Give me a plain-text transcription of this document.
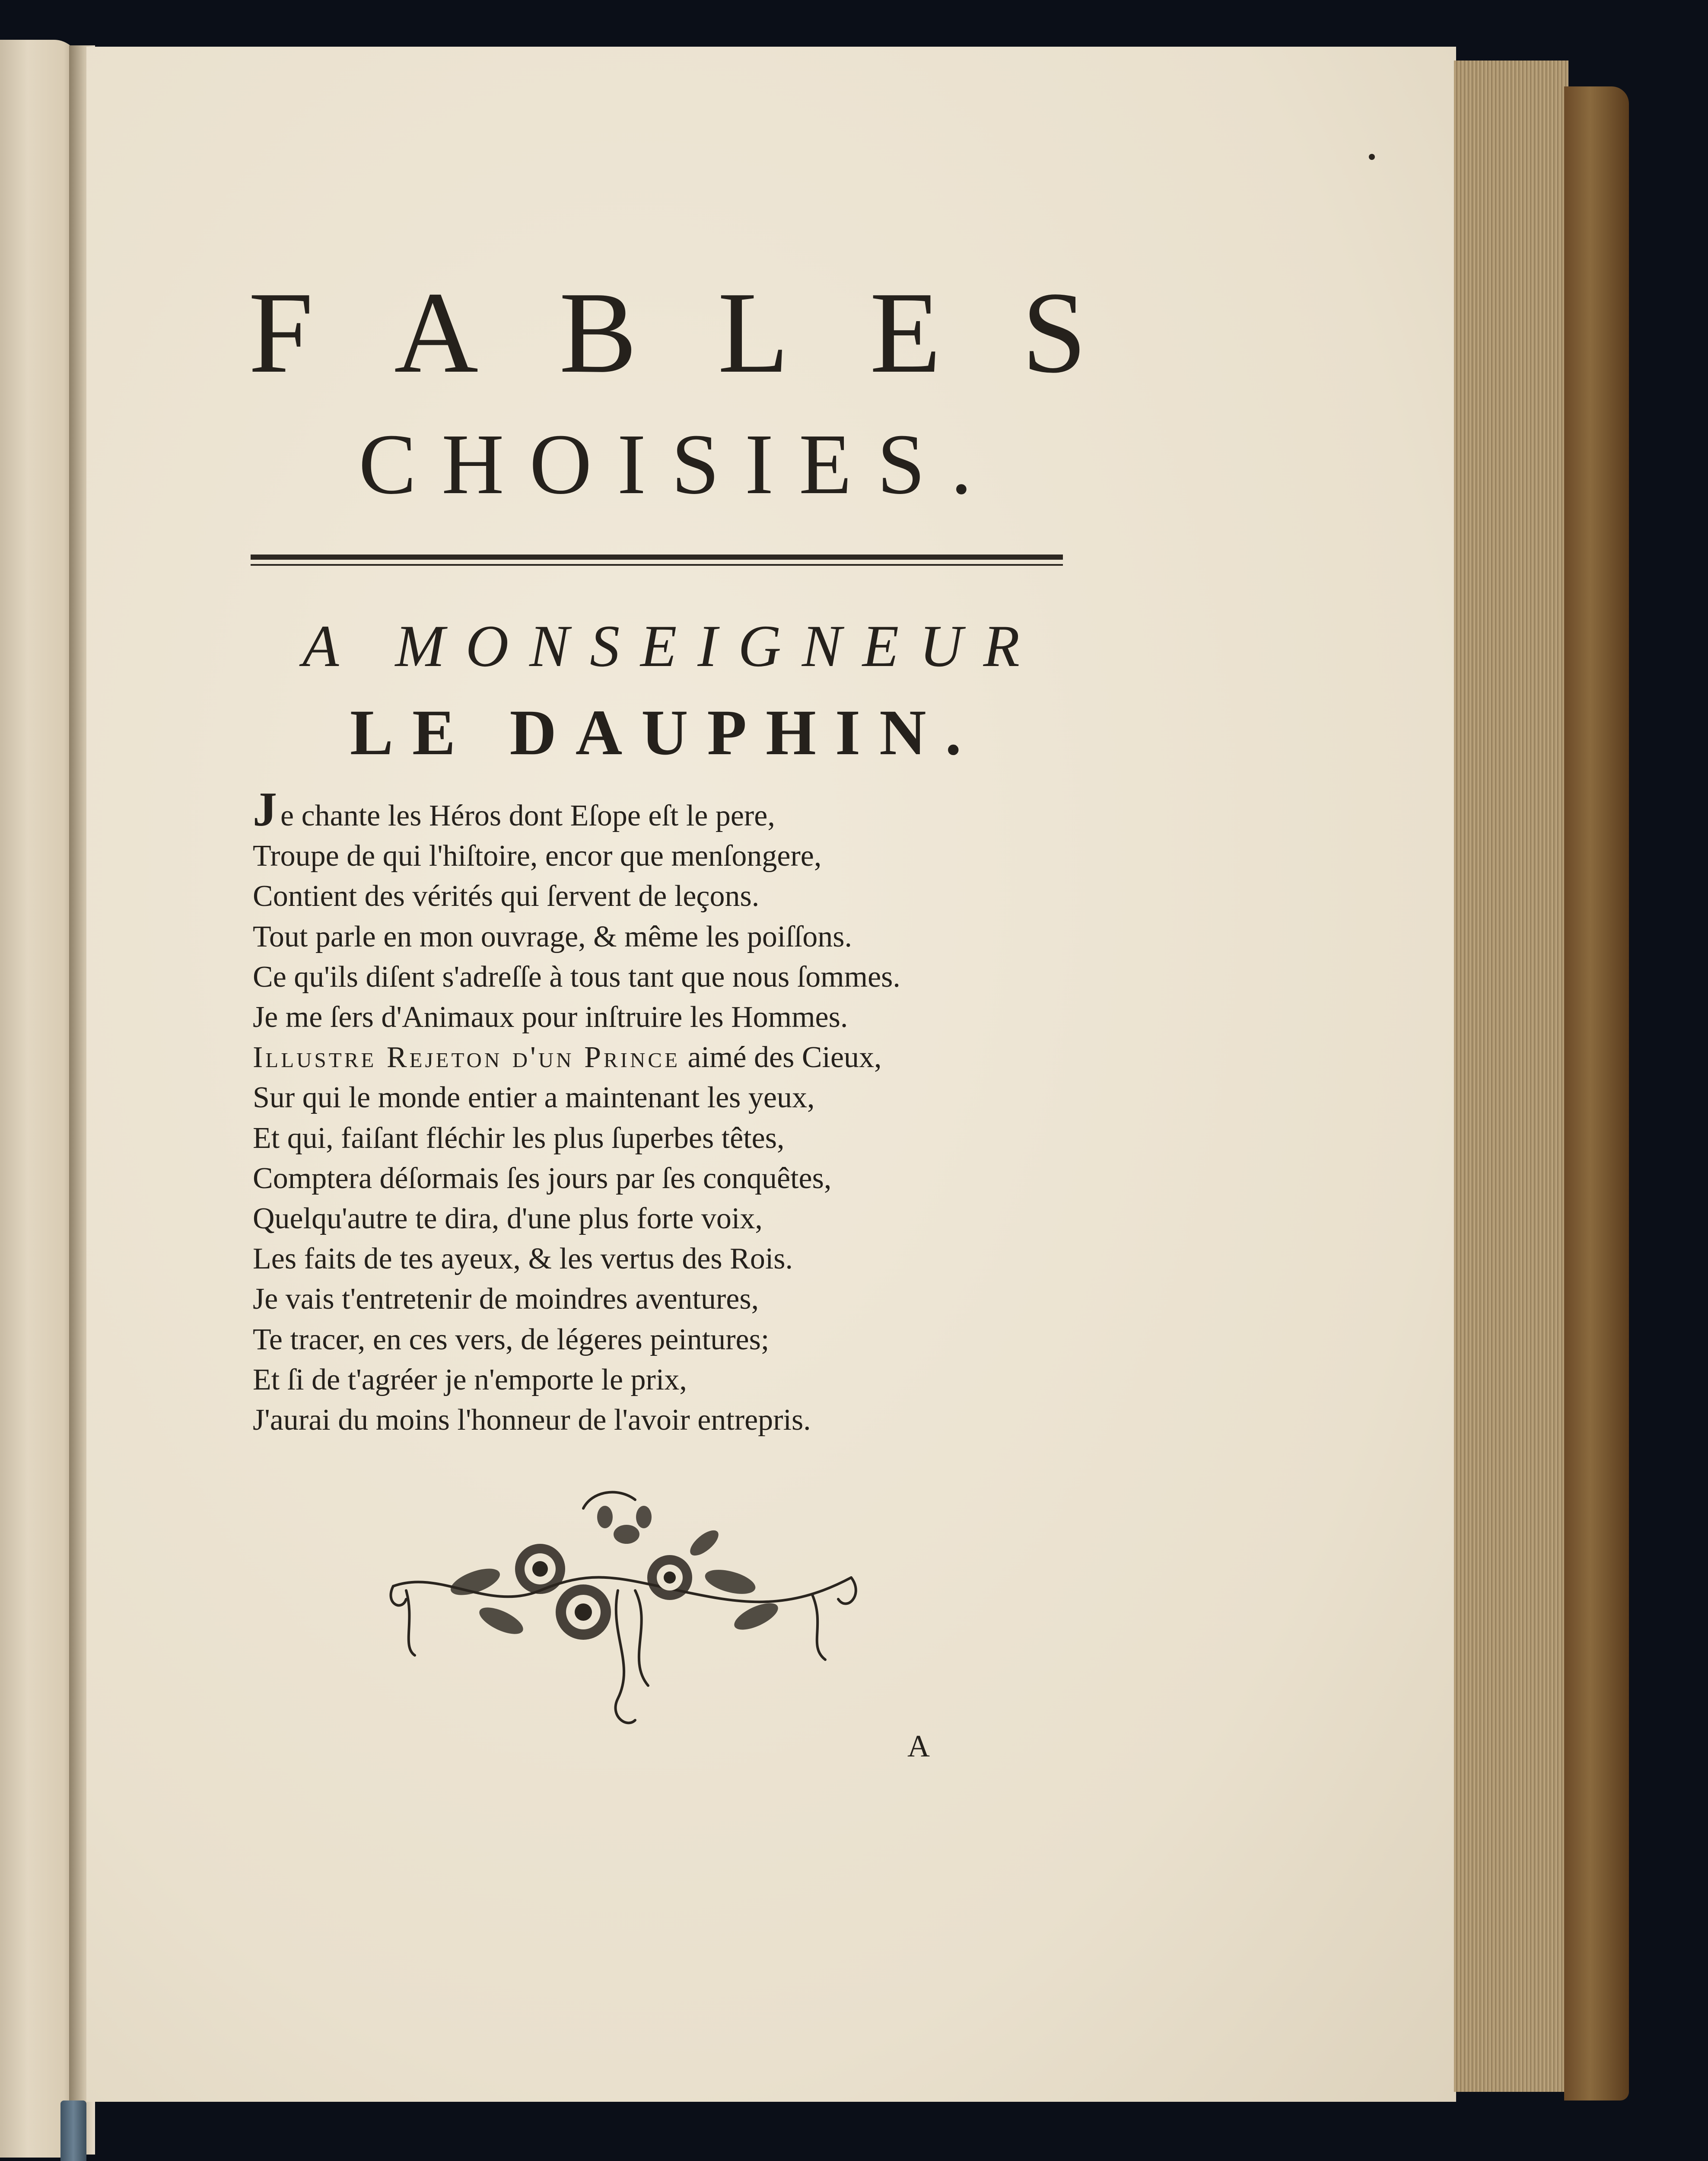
F A B L E S
C H O I S I E S .
A
M O N S E I G N E U R
L E
D A U P H I N .
Je chante les Héros dont Eſope eſt le pere,
Troupe de qui l'hiſtoire, encor que menſongere,
Contient des vérités qui ſervent de leçons.
Tout parle en mon ouvrage, & même les poiſſons.
Ce qu'ils diſent s'adreſſe à tous tant que nous ſommes.
Je me ſers d'Animaux pour inſtruire les Hommes.
Illustre Rejeton d'un Prince aimé des Cieux,
Sur qui le monde entier a maintenant les yeux,
Et qui, faiſant fléchir les plus ſuperbes têtes,
Comptera déſormais ſes jours par ſes conquêtes,
Quelqu'autre te dira, d'une plus forte voix,
Les faits de tes ayeux, & les vertus des Rois.
Je vais t'entretenir de moindres aventures,
Te tracer, en ces vers, de légeres peintures;
Et ſi de t'agréer je n'emporte le prix,
J'aurai du moins l'honneur de l'avoir entrepris.
A
